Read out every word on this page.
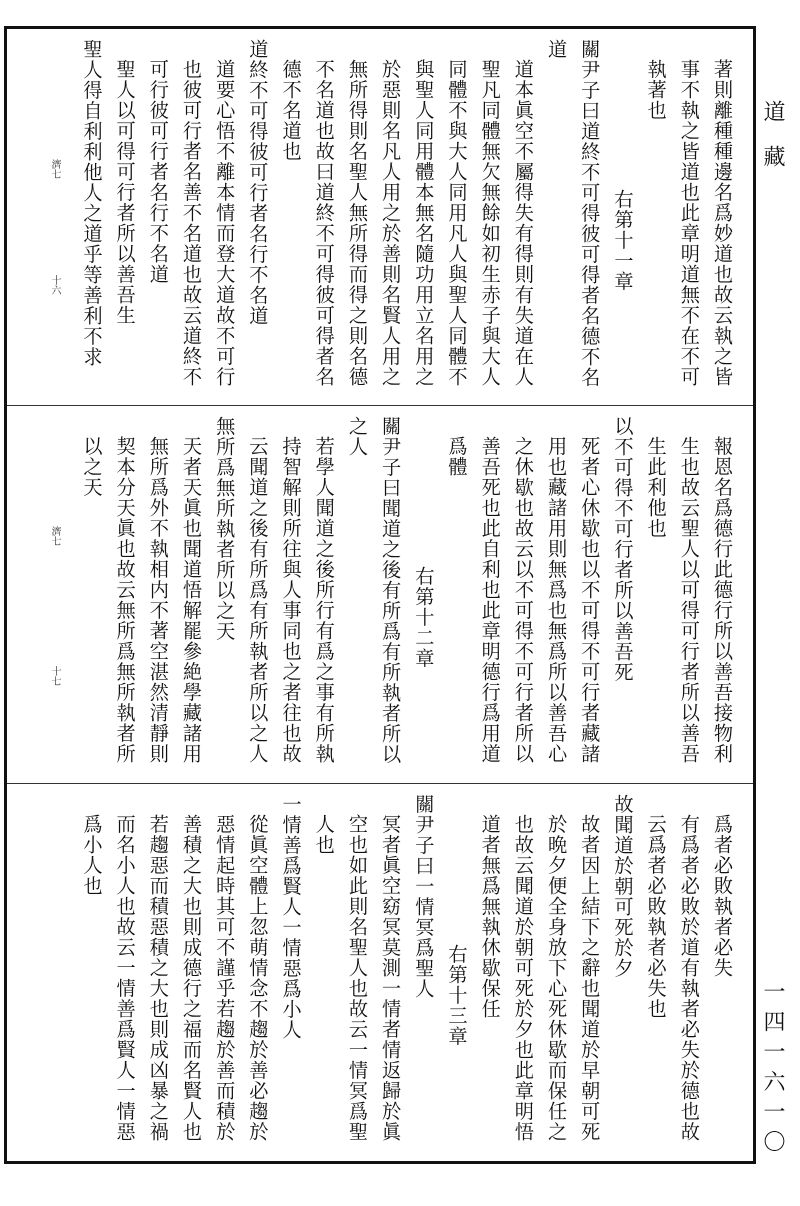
道 藏
一四一六一〇
著則離種種邊名爲妙道也故云執之皆
事不執之皆道也此章明道無不在不可
執著也
右第十一章
關尹子曰道終不可得彼可得者名德不名
道
道本眞空不屬得失有得則有失道在人
聖凡同體無欠無餘如初生赤子與大人
同體不與大人同用凡人與聖人同體不
與聖人同用體本無名隨功用立名用之
於惡則名凡人用之於善則名賢人用之
無所得則名聖人無所得而得之則名德
不名道也故曰道終不可得彼可得者名
德不名道也
道終不可得彼可行者名行不名道
道要心悟不離本情而登大道故不可行
也彼可行者名善不名道也故云道終不
可行彼可行者名行不名道
聖人以可得可行者所以善吾生
聖人得自利利他人之道乎等善利不求
濟七
十六
報恩名爲德行此德行所以善吾接物利
生也故云聖人以可得可行者所以善吾
生此利他也
以不可得不可行者所以善吾死
死者心休歇也以不可得不可行者藏諸
用也藏諸用則無爲也無爲所以善吾心
之休歇也故云以不可得不可行者所以
善吾死也此自利也此章明德行爲用道
爲體
右第十二章
關尹子曰聞道之後有所爲有所執者所以
之人
若學人聞道之後所行有爲之事有所執
持智解則所往與人事同也之者往也故
云聞道之後有所爲有所執者所以之人
無所爲無所執者所以之天
天者天眞也聞道悟解罷參絶學藏諸用
無所爲外不執相内不著空湛然清靜則
契本分天眞也故云無所爲無所執者所
以之天
濟七
十七
爲者必敗執者必失
有爲者必敗於道有執者必失於德也故
云爲者必敗執者必失也
故聞道於朝可死於夕
故者因上結下之辭也聞道於早朝可死
於晩夕便全身放下心死休歇而保任之
也故云聞道於朝可死於夕也此章明悟
道者無爲無執休歇保任
右第十三章
關尹子曰一情冥爲聖人
冥者眞空窈冥莫測一情者情返歸於眞
空也如此則名聖人也故云一情冥爲聖
人也
一情善爲賢人一情惡爲小人
從眞空體上忽萌情念不趨於善必趨於
惡情起時其可不謹乎若趨於善而積於
善積之大也則成德行之福而名賢人也
若趨惡而積惡積之大也則成凶暴之禍
而名小人也故云一情善爲賢人一情惡
爲小人也
